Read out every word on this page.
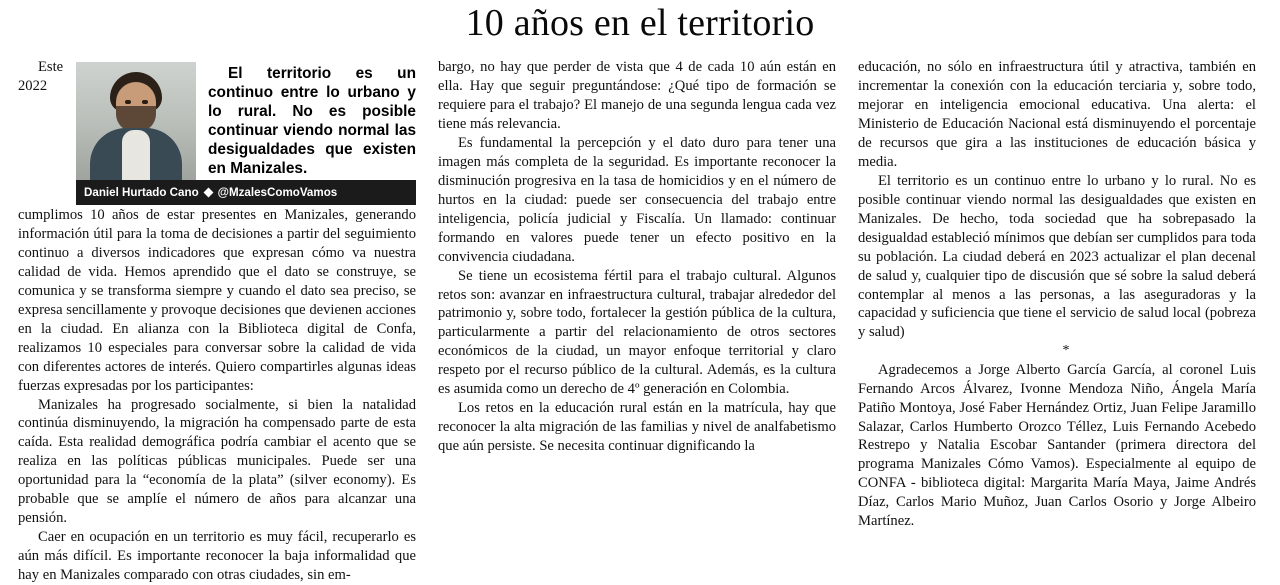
10 años en el territorio

El territorio es un continuo entre lo urbano y lo rural. No es posible continuar viendo normal las desigualdades que existen en Manizales.

Daniel Hurtado Cano @MzalesComoVamos

Este 2022 cumplimos 10 años de estar presentes en Manizales, generando información útil para la toma de decisiones a partir del seguimiento continuo a diversos indicadores que expresan cómo va nuestra calidad de vida. Hemos aprendido que el dato se construye, se comunica y se transforma siempre y cuando el dato sea preciso, se expresa sencillamente y provoque decisiones que devienen acciones en la ciudad. En alianza con la Biblioteca digital de Confa, realizamos 10 especiales para conversar sobre la calidad de vida con diferentes actores de interés. Quiero compartirles algunas ideas fuerzas expresadas por los participantes:

Manizales ha progresado socialmente, si bien la natalidad continúa disminuyendo, la migración ha compensado parte de esta caída. Esta realidad demográfica podría cambiar el acento que se realiza en las políticas públicas municipales. Puede ser una oportunidad para la “economía de la plata” (silver economy). Es probable que se amplíe el número de años para alcanzar una pensión.

Caer en ocupación en un territorio es muy fácil, recuperarlo es aún más difícil. Es importante reconocer la baja informalidad que hay en Manizales comparado con otras ciudades, sin em-

bargo, no hay que perder de vista que 4 de cada 10 aún están en ella. Hay que seguir preguntándose: ¿Qué tipo de formación se requiere para el trabajo? El manejo de una segunda lengua cada vez tiene más relevancia.

Es fundamental la percepción y el dato duro para tener una imagen más completa de la seguridad. Es importante reconocer la disminución progresiva en la tasa de homicidios y en el número de hurtos en la ciudad: puede ser consecuencia del trabajo entre inteligencia, policía judicial y Fiscalía. Un llamado: continuar formando en valores puede tener un efecto positivo en la convivencia ciudadana.

Se tiene un ecosistema fértil para el trabajo cultural. Algunos retos son: avanzar en infraestructura cultural, trabajar alrededor del patrimonio y, sobre todo, fortalecer la gestión pública de la cultura, particularmente a partir del relacionamiento de otros sectores económicos de la ciudad, un mayor enfoque territorial y claro respeto por el recurso público de la cultural. Además, es la cultura es asumida como un derecho de 4º generación en Colombia.

Los retos en la educación rural están en la matrícula, hay que reconocer la alta migración de las familias y nivel de analfabetismo que aún persiste. Se necesita continuar dignificando la

educación, no sólo en infraestructura útil y atractiva, también en incrementar la conexión con la educación terciaria y, sobre todo, mejorar en inteligencia emocional educativa. Una alerta: el Ministerio de Educación Nacional está disminuyendo el porcentaje de recursos que gira a las instituciones de educación básica y media.

El territorio es un continuo entre lo urbano y lo rural. No es posible continuar viendo normal las desigualdades que existen en Manizales. De hecho, toda sociedad que ha sobrepasado la desigualdad estableció mínimos que debían ser cumplidos para toda su población. La ciudad deberá en 2023 actualizar el plan decenal de salud y, cualquier tipo de discusión que sé sobre la salud deberá contemplar al menos a las personas, a las aseguradoras y la capacidad y suficiencia que tiene el servicio de salud local (pobreza y salud)

*

Agradecemos a Jorge Alberto García García, al coronel Luis Fernando Arcos Álvarez, Ivonne Mendoza Niño, Ángela María Patiño Montoya, José Faber Hernández Ortiz, Juan Felipe Jaramillo Salazar, Carlos Humberto Orozco Téllez, Luis Fernando Acebedo Restrepo y Natalia Escobar Santander (primera directora del programa Manizales Cómo Vamos). Especialmente al equipo de CONFA - biblioteca digital: Margarita María Maya, Jaime Andrés Díaz, Carlos Mario Muñoz, Juan Carlos Osorio y Jorge Albeiro Martínez.
